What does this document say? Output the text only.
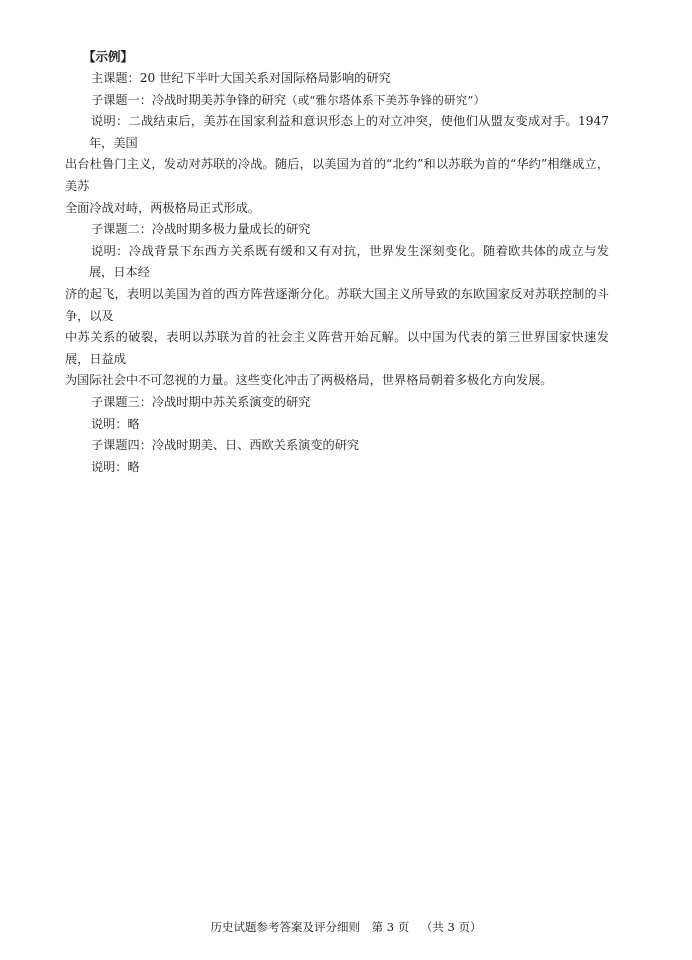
【示例】
主课题：20 世纪下半叶大国关系对国际格局影响的研究
子课题一：冷战时期美苏争锋的研究（或“雅尔塔体系下美苏争锋的研究”）
说明：二战结束后，美苏在国家利益和意识形态上的对立冲突，使他们从盟友变成对手。1947 年，美国
出台杜鲁门主义，发动对苏联的冷战。随后，以美国为首的“北约”和以苏联为首的“华约”相继成立，美苏
全面冷战对峙，两极格局正式形成。
子课题二：冷战时期多极力量成长的研究
说明：冷战背景下东西方关系既有缓和又有对抗，世界发生深刻变化。随着欧共体的成立与发展，日本经
济的起飞，表明以美国为首的西方阵营逐渐分化。苏联大国主义所导致的东欧国家反对苏联控制的斗争，以及
中苏关系的破裂，表明以苏联为首的社会主义阵营开始瓦解。以中国为代表的第三世界国家快速发展，日益成
为国际社会中不可忽视的力量。这些变化冲击了两极格局，世界格局朝着多极化方向发展。
子课题三：冷战时期中苏关系演变的研究
说明：略
子课题四：冷战时期美、日、西欧关系演变的研究
说明：略
历史试题参考答案及评分细则 第 3 页 （共 3 页）
